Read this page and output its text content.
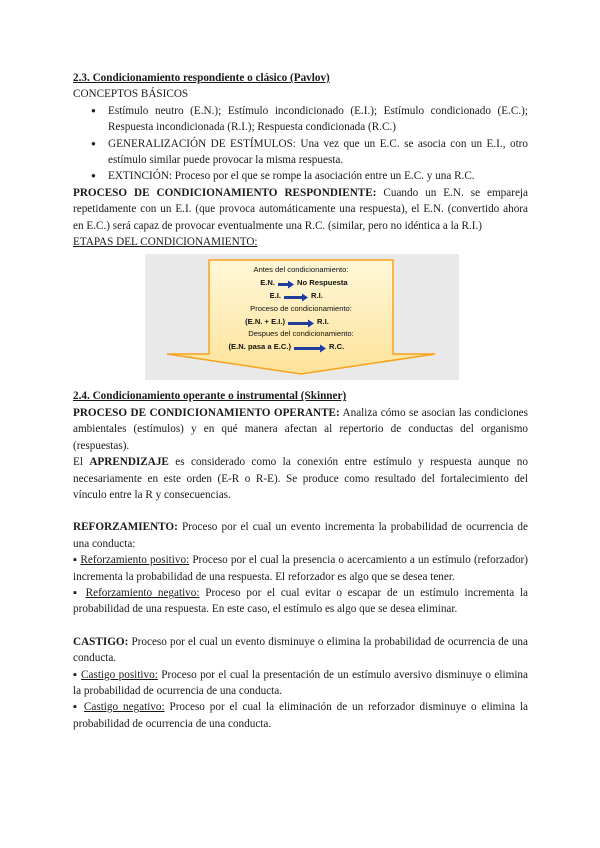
2.3. Condicionamiento respondiente o clásico (Pavlov)

CONCEPTOS BÁSICOS

● Estímulo neutro (E.N.); Estímulo incondicionado (E.I.); Estímulo condicionado (E.C.); Respuesta incondicionada (R.I.); Respuesta condicionada (R.C.)
● GENERALIZACIÓN DE ESTÍMULOS: Una vez que un E.C. se asocia con un E.I., otro estímulo similar puede provocar la misma respuesta.
● EXTINCIÓN: Proceso por el que se rompe la asociación entre un E.C. y una R.C.

PROCESO DE CONDICIONAMIENTO RESPONDIENTE: Cuando un E.N. se empareja repetidamente con un E.I. (que provoca automáticamente una respuesta), el E.N. (convertido ahora en E.C.) será capaz de provocar eventualmente una R.C. (similar, pero no idéntica a la R.I.)

ETAPAS DEL CONDICIONAMIENTO:

Antes del condicionamiento:
E.N.	No Respuesta
E.I.	R.I.
Proceso de condicionamiento:
(E.N. + E.I.)	R.I.
Despues del condicionamiento:
(E.N. pasa a E.C.)	R.C.

2.4. Condicionamiento operante o instrumental (Skinner)

PROCESO DE CONDICIONAMIENTO OPERANTE: Analiza cómo se asocian las condiciones ambientales (estímulos) y en qué manera afectan al repertorio de conductas del organismo (respuestas).

El APRENDIZAJE es considerado como la conexión entre estímulo y respuesta aunque no necesariamente en este orden (E-R o R-E). Se produce como resultado del fortalecimiento del vínculo entre la R y consecuencias.

REFORZAMIENTO: Proceso por el cual un evento incrementa la probabilidad de ocurrencia de una conducta:

▪ Reforzamiento positivo: Proceso por el cual la presencia o acercamiento a un estímulo (reforzador) incrementa la probabilidad de una respuesta. El reforzador es algo que se desea tener.

▪ Reforzamiento negativo: Proceso por el cual evitar o escapar de un estímulo incrementa la probabilidad de una respuesta. En este caso, el estímulo es algo que se desea eliminar.

CASTIGO: Proceso por el cual un evento disminuye o elimina la probabilidad de ocurrencia de una conducta.

▪ Castigo positivo: Proceso por el cual la presentación de un estímulo aversivo disminuye o elimina la probabilidad de ocurrencia de una conducta.

▪ Castigo negativo: Proceso por el cual la eliminación de un reforzador disminuye o elimina la probabilidad de ocurrencia de una conducta.
